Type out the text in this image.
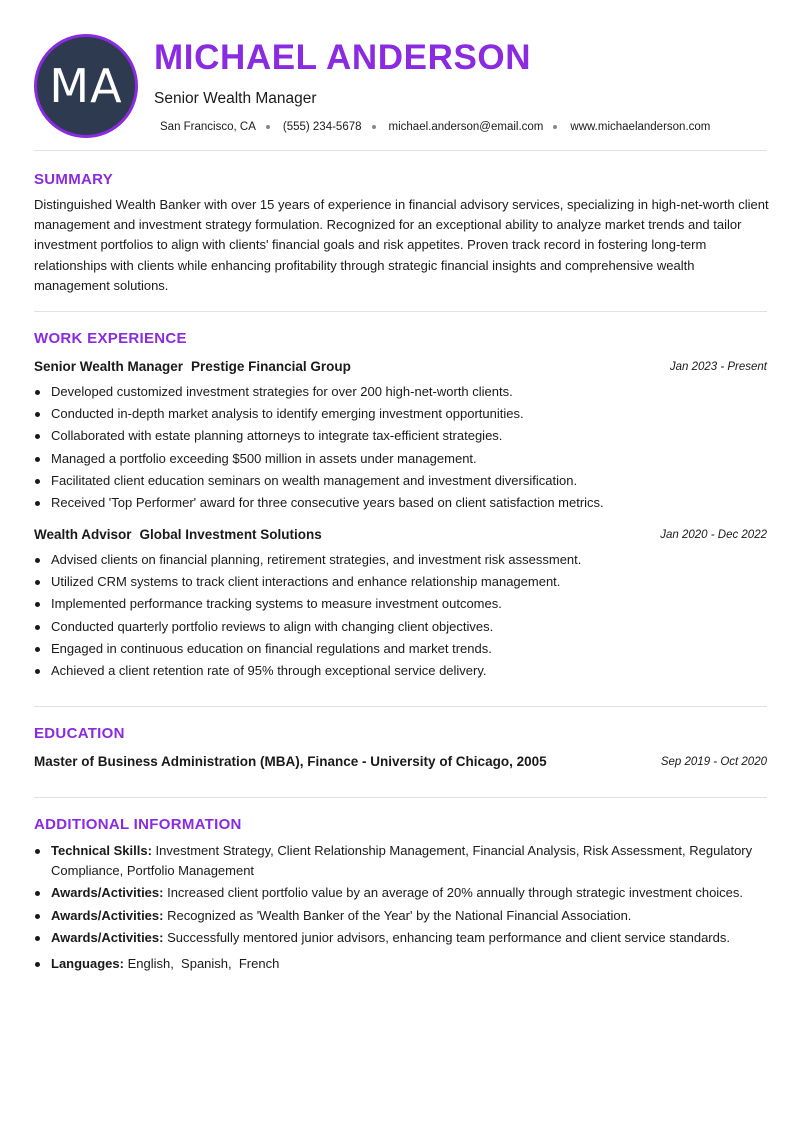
MA
MICHAEL ANDERSON
Senior Wealth Manager
San Francisco, CA (555) 234-5678 michael.anderson@email.com www.michaelanderson.com
SUMMARY
Distinguished Wealth Banker with over 15 years of experience in financial advisory services, specializing in high-net-worth client management and investment strategy formulation. Recognized for an exceptional ability to analyze market trends and tailor investment portfolios to align with clients' financial goals and risk appetites. Proven track record in fostering long-term relationships with clients while enhancing profitability through strategic financial insights and comprehensive wealth management solutions.
WORK EXPERIENCE
Senior Wealth Manager Prestige Financial Group	Jan 2023 - Present
Developed customized investment strategies for over 200 high-net-worth clients.
Conducted in-depth market analysis to identify emerging investment opportunities.
Collaborated with estate planning attorneys to integrate tax-efficient strategies.
Managed a portfolio exceeding $500 million in assets under management.
Facilitated client education seminars on wealth management and investment diversification.
Received 'Top Performer' award for three consecutive years based on client satisfaction metrics.
Wealth Advisor Global Investment Solutions	Jan 2020 - Dec 2022
Advised clients on financial planning, retirement strategies, and investment risk assessment.
Utilized CRM systems to track client interactions and enhance relationship management.
Implemented performance tracking systems to measure investment outcomes.
Conducted quarterly portfolio reviews to align with changing client objectives.
Engaged in continuous education on financial regulations and market trends.
Achieved a client retention rate of 95% through exceptional service delivery.
EDUCATION
Master of Business Administration (MBA), Finance - University of Chicago, 2005	Sep 2019 - Oct 2020
ADDITIONAL INFORMATION
Technical Skills: Investment Strategy, Client Relationship Management, Financial Analysis, Risk Assessment, Regulatory Compliance, Portfolio Management
Awards/Activities: Increased client portfolio value by an average of 20% annually through strategic investment choices.
Awards/Activities: Recognized as 'Wealth Banker of the Year' by the National Financial Association.
Awards/Activities: Successfully mentored junior advisors, enhancing team performance and client service standards.
Languages: English,  Spanish,  French
